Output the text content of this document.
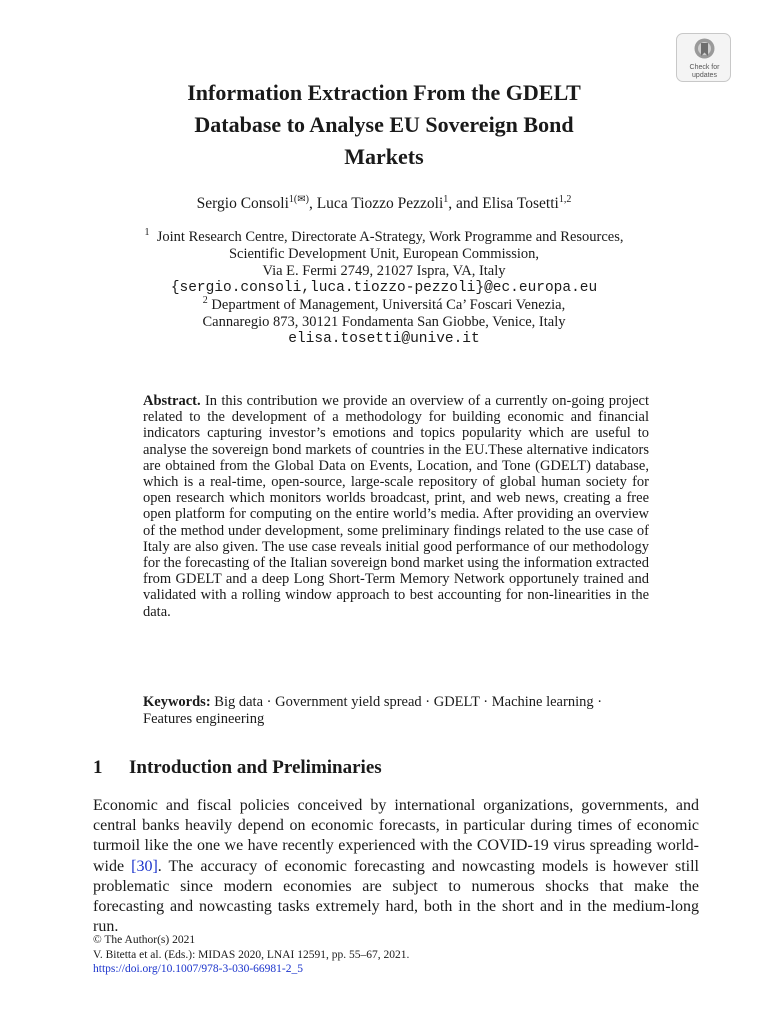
Check for
updates
Information Extraction From the GDELT
Database to Analyse EU Sovereign Bond
Markets
Sergio Consoli$^{1(✉)}$, Luca Tiozzo Pezzoli$^1$, and Elisa Tosetti$^{1,2}$
$^1$ Joint Research Centre, Directorate A-Strategy, Work Programme and Resources,
Scientific Development Unit, European Commission,
Via E. Fermi 2749, 21027 Ispra, VA, Italy
{sergio.consoli,luca.tiozzo-pezzoli}@ec.europa.eu
$^2$ Department of Management, Universitá Ca’ Foscari Venezia,
Cannaregio 873, 30121 Fondamenta San Giobbe, Venice, Italy
elisa.tosetti@unive.it
Abstract. In this contribution we provide an overview of a currently on-going project related to the development of a methodology for building economic and financial indicators capturing investor’s emotions and topics popularity which are useful to analyse the sovereign bond markets of countries in the EU.These alternative indicators are obtained from the Global Data on Events, Location, and Tone (GDELT) database, which is a real-time, open-source, large-scale repository of global human society for open research which monitors worlds broadcast, print, and web news, creating a free open platform for computing on the entire world’s media. After providing an overview of the method under development, some preliminary findings related to the use case of Italy are also given. The use case reveals initial good performance of our methodology for the forecasting of the Italian sovereign bond market using the information extracted from GDELT and a deep Long Short-Term Memory Network opportunely trained and validated with a rolling window approach to best accounting for non-linearities in the data.
Keywords: Big data · Government yield spread · GDELT · Machine learning · Features engineering
1 Introduction and Preliminaries
Economic and fiscal policies conceived by international organizations, governments, and central banks heavily depend on economic forecasts, in particular during times of economic turmoil like the one we have recently experienced with the COVID-19 virus spreading world-wide [30]. The accuracy of economic forecasting and nowcasting models is however still problematic since modern economies are subject to numerous shocks that make the forecasting and nowcasting tasks extremely hard, both in the short and in the medium-long run.
© The Author(s) 2021
V. Bitetta et al. (Eds.): MIDAS 2020, LNAI 12591, pp. 55–67, 2021.
https://doi.org/10.1007/978-3-030-66981-2_5
